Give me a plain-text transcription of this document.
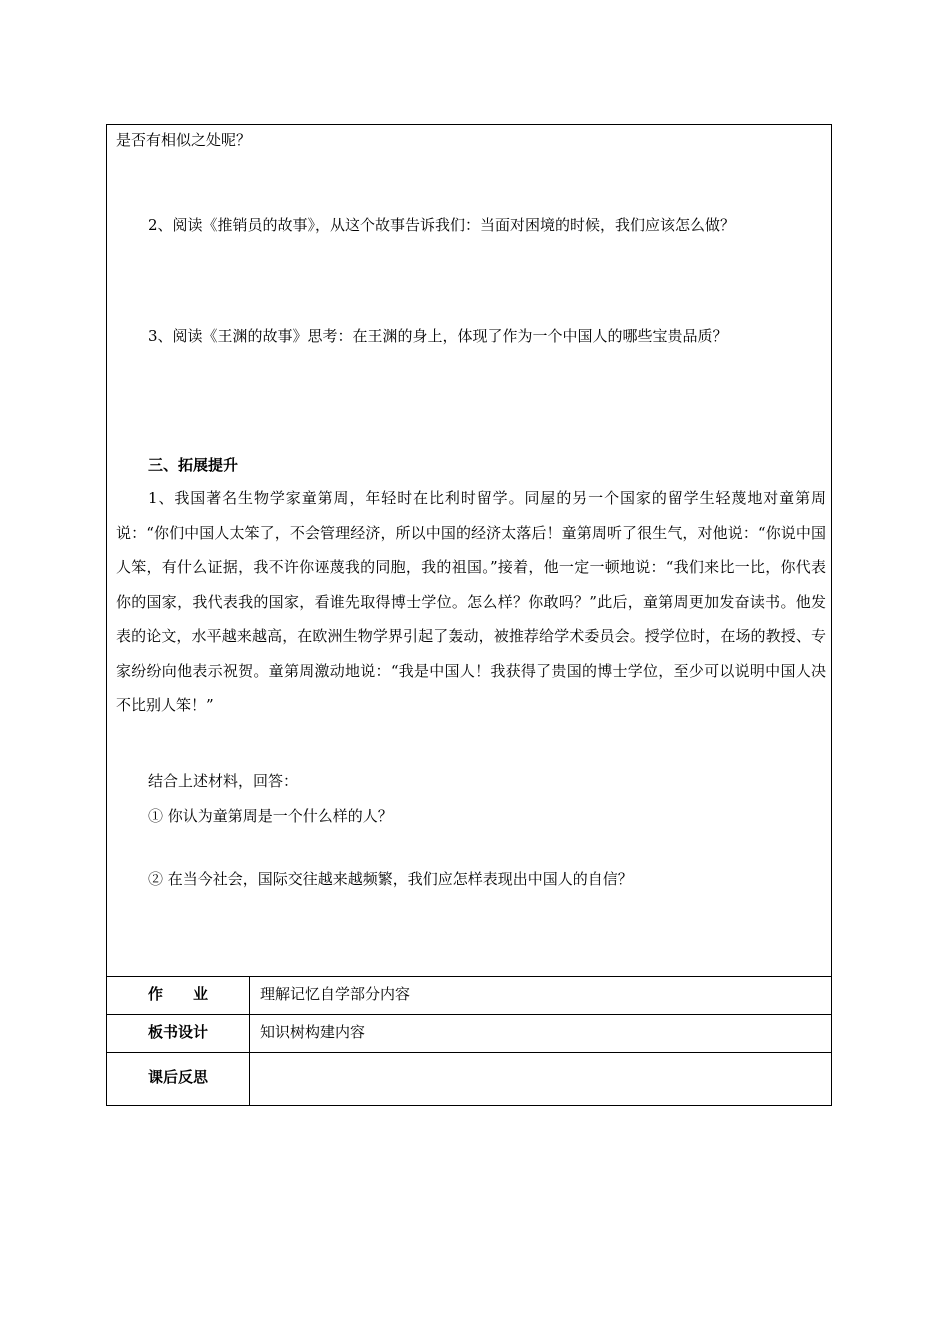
是否有相似之处呢？
2、阅读《推销员的故事》，从这个故事告诉我们：当面对困境的时候，我们应该怎么做？
3、阅读《王渊的故事》思考：在王渊的身上，体现了作为一个中国人的哪些宝贵品质？
三、拓展提升
1、我国著名生物学家童第周，年轻时在比利时留学。同屋的另一个国家的留学生轻蔑地对童第周说：“你们中国人太笨了，不会管理经济，所以中国的经济太落后！童第周听了很生气，对他说：“你说中国人笨，有什么证据，我不许你诬蔑我的同胞，我的祖国。”接着，他一定一顿地说：“我们来比一比，你代表你的国家，我代表我的国家，看谁先取得博士学位。怎么样？你敢吗？”此后，童第周更加发奋读书。他发表的论文，水平越来越高，在欧洲生物学界引起了轰动，被推荐给学术委员会。授学位时，在场的教授、专家纷纷向他表示祝贺。童第周激动地说：“我是中国人！我获得了贵国的博士学位，至少可以说明中国人决不比别人笨！”
结合上述材料，回答：
① 你认为童第周是一个什么样的人？
② 在当今社会，国际交往越来越频繁，我们应怎样表现出中国人的自信？
作　　业	理解记忆自学部分内容
板书设计	知识树构建内容
课后反思
